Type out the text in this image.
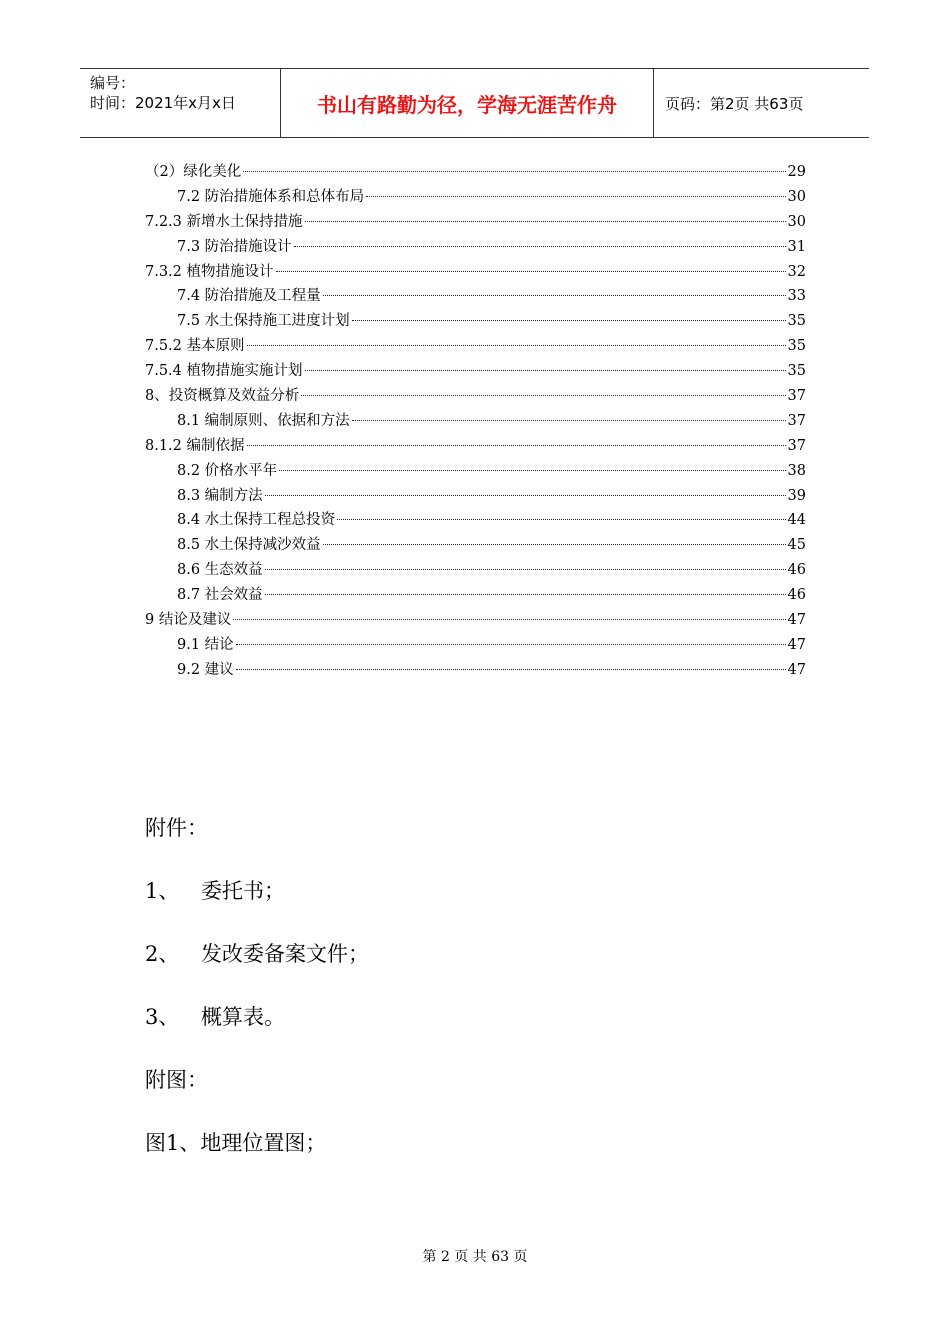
编号：
时间：2021年x月x日	书山有路勤为径，学海无涯苦作舟	页码：第2页 共63页
（2）绿化美化	29
7.2 防治措施体系和总体布局	30
7.2.3 新增水土保持措施	30
7.3 防治措施设计	31
7.3.2 植物措施设计	32
7.4 防治措施及工程量	33
7.5 水土保持施工进度计划	35
7.5.2 基本原则	35
7.5.4 植物措施实施计划	35
8、投资概算及效益分析	37
8.1 编制原则、依据和方法	37
8.1.2 编制依据	37
8.2 价格水平年	38
8.3 编制方法	39
8.4 水土保持工程总投资	44
8.5 水土保持减沙效益	45
8.6 生态效益	46
8.7 社会效益	46
9 结论及建议	47
9.1 结论	47
9.2 建议	47
附件：
1、 委托书；
2、 发改委备案文件；
3、 概算表。
附图：
图1、地理位置图；
第 2 页 共 63 页
